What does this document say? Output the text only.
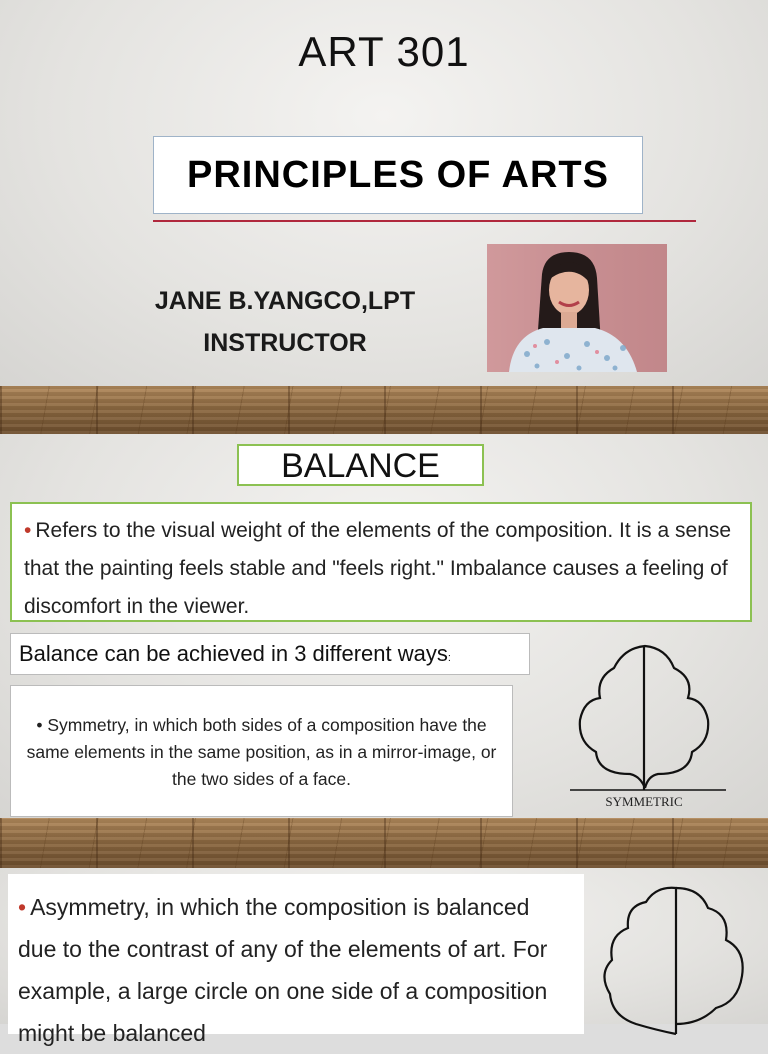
ART 301
PRINCIPLES OF ARTS
JANE B.YANGCO,LPT
INSTRUCTOR
BALANCE
• Refers to the visual weight of the elements of the composition. It is a sense that the painting feels stable and "feels right." Imbalance causes a feeling of discomfort in the viewer.
Balance can be achieved in 3 different ways:
• Symmetry, in which both sides of a composition have the same elements in the same position, as in a mirror-image, or the two sides of a face.
SYMMETRIC
• Asymmetry, in which the composition is balanced due to the contrast of any of the elements of art. For example, a large circle on one side of a composition might be balanced
